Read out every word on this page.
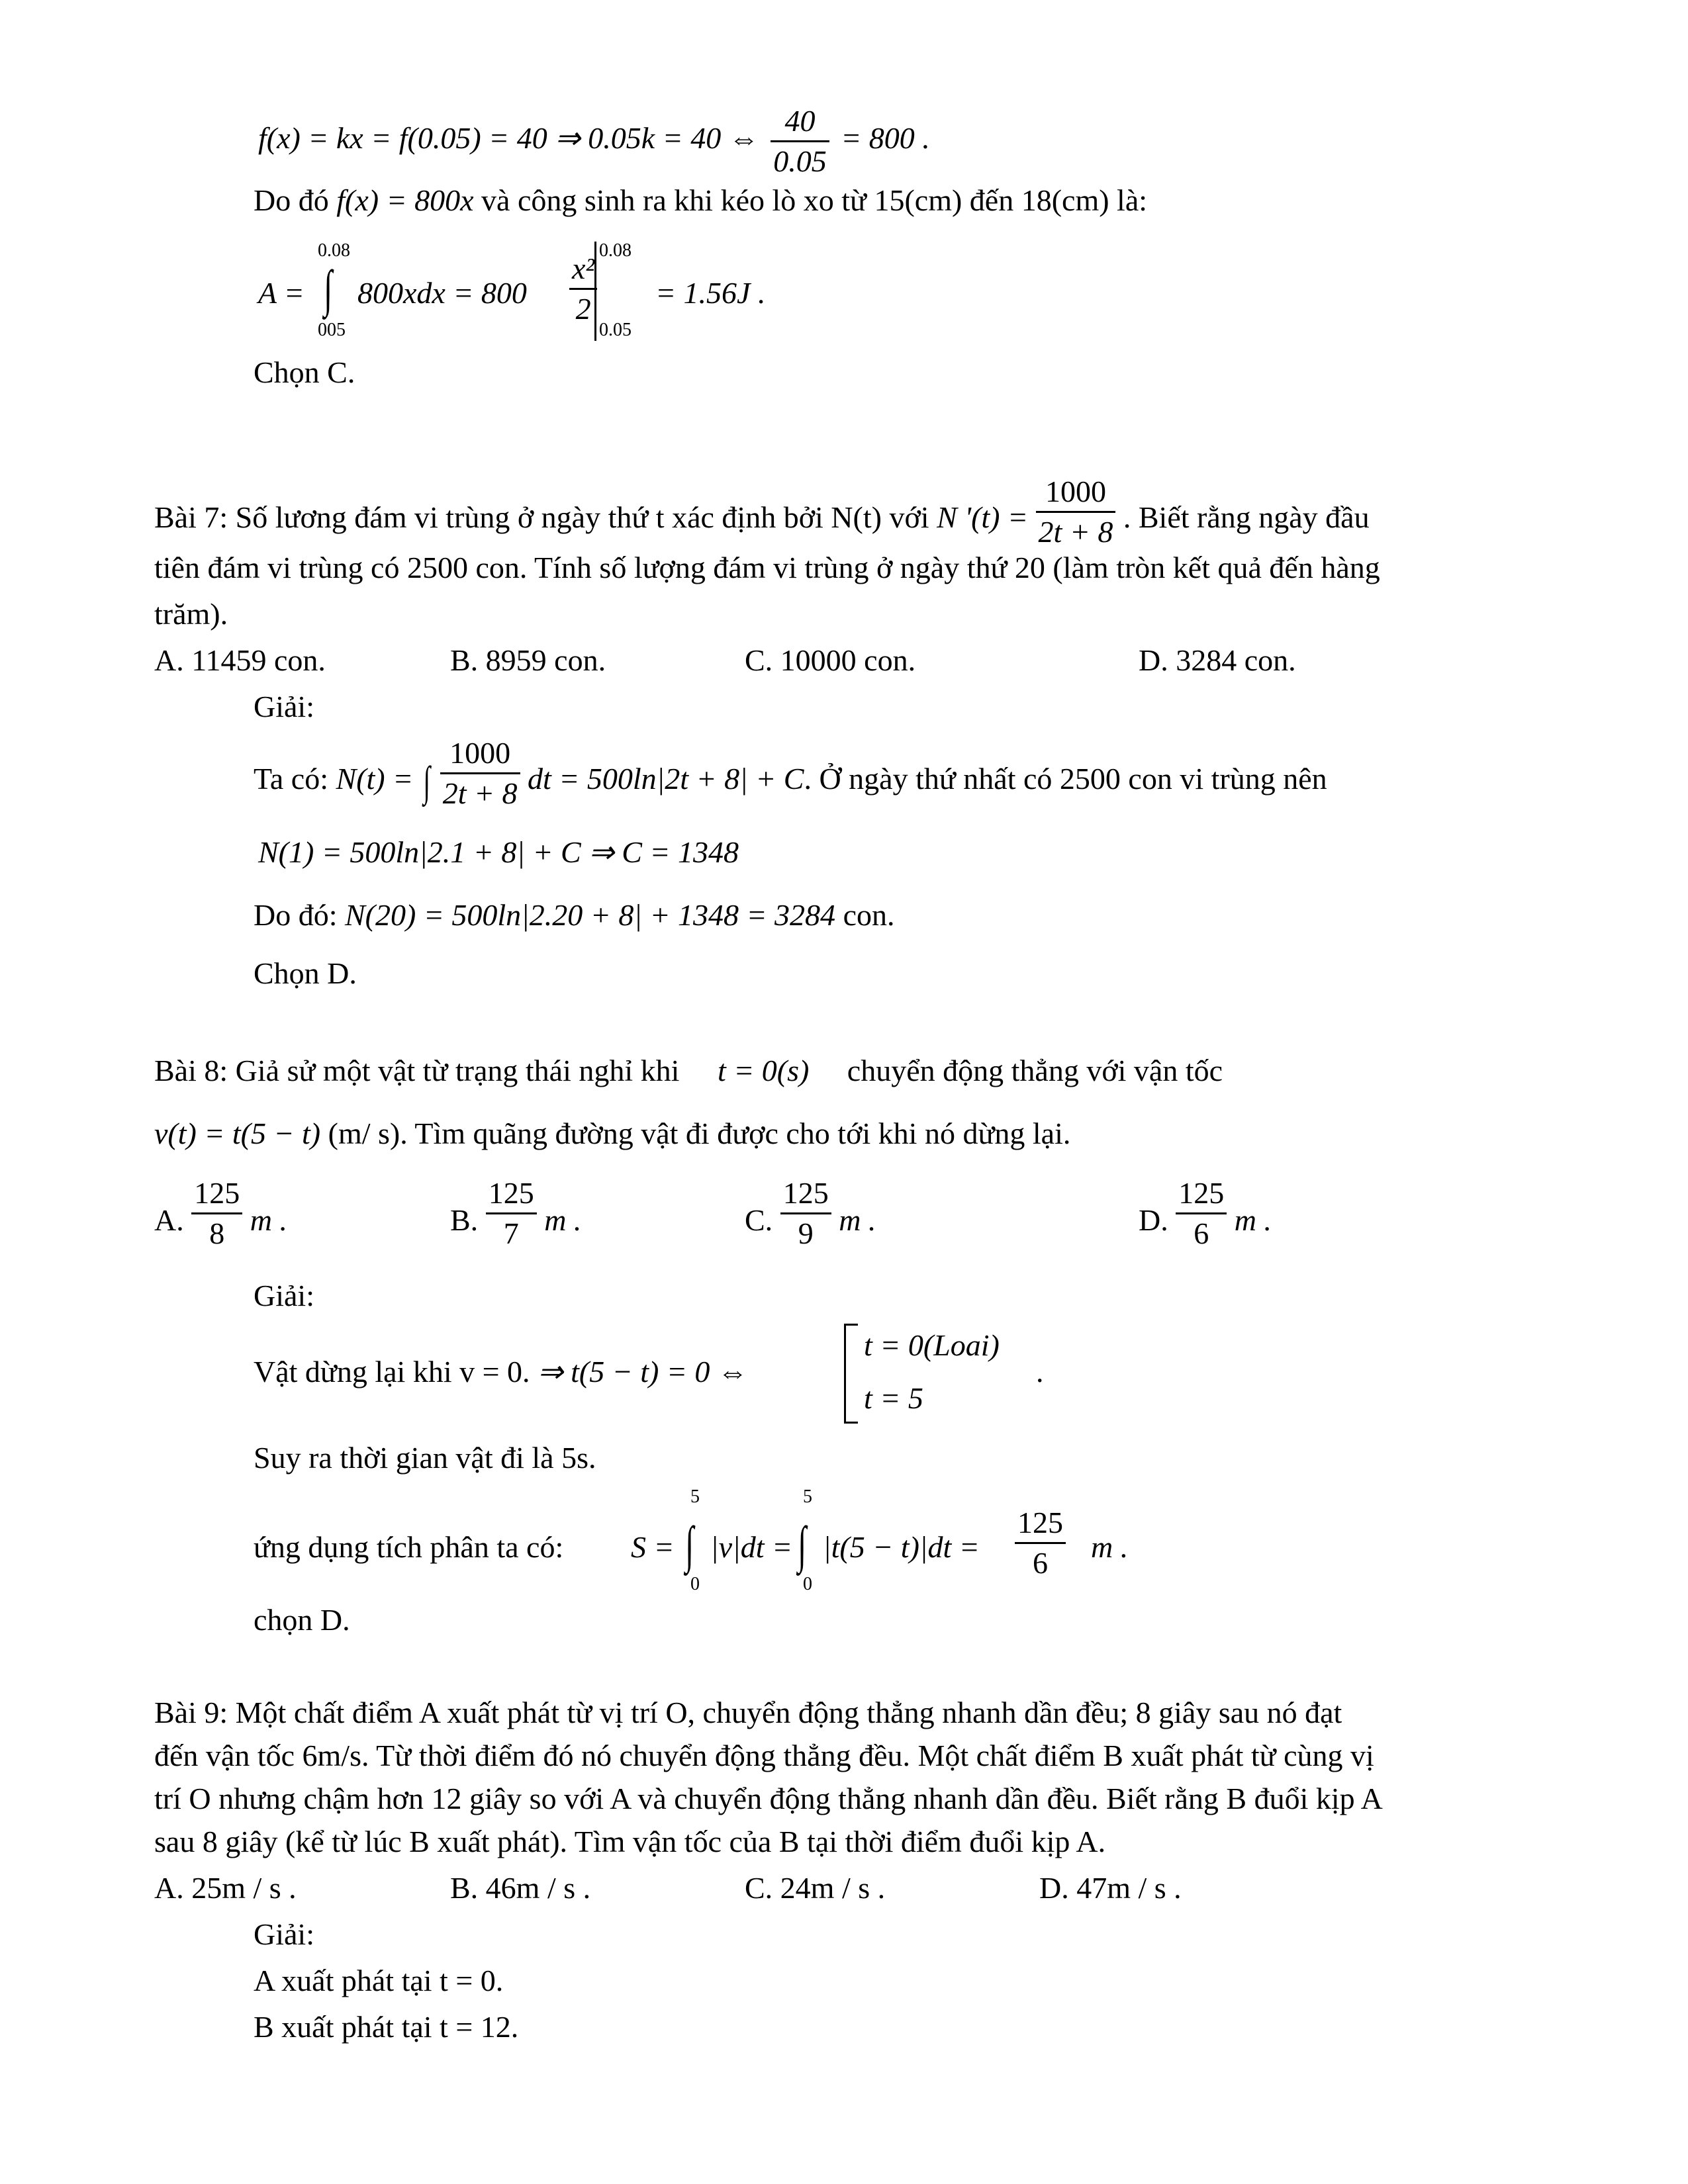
f(x) = kx = f(0.05) = 40 ⇒ 0.05k = 40 ⇔ $\frac{40}{0.05} = 800$ .
Do đó f(x) = 800x và công sinh ra khi kéo lò xo từ 15(cm) đến 18(cm) là:
0.08
A = ∫ 800xdx = 800
005
$\frac{\text{x²}}{2}$
0.08
0.05
= 1.56J .
Chọn C.
Bài 7: Số lương đám vi trùng ở ngày thứ t xác định bởi N(t) với N '$(t) = \frac{1000}{2t + 8}$ . Biết rằng ngày đầu
tiên đám vi trùng có 2500 con. Tính số lượng đám vi trùng ở ngày thứ 20 (làm tròn kết quả đến hàng
trăm).
A. 11459 con.	B. 8959 con.	C. 10000 con.	D. 3284 con.
Giải:
Ta có: N(t) = ∫ $\frac{1000}{2t + 8}$ dt = 500ln|2t + 8| + C. Ở ngày thứ nhất có 2500 con vi trùng nên
N(1) = 500ln|2.1 + 8| + C ⇒ C = 1348
Do đó: N(20) = 500ln|2.20 + 8| + 1348 = 3284 con.
Chọn D.
Bài 8: Giả sử một vật từ trạng thái nghỉ khi t = 0(s) chuyển động thẳng với vận tốc
v(t) = t(5 − t) (m/ s). Tìm quãng đường vật đi được cho tới khi nó dừng lại.
A. $\frac{125}{8}$ m .	B. $\frac{125}{7}$ m .	C. $\frac{125}{9}$ m .	D. $\frac{125}{6}$ m .
Giải:
Vật dừng lại khi v = 0. ⇒ t(5 − t) = 0 ⇔
t = 0(Loai)
t = 5
.
Suy ra thời gian vật đi là 5s.
ứng dụng tích phân ta có: S =
5
∫
0
|v|dt =
5
∫
0
$|t(5 - t)|dt = \frac{125}{6}$ m .
chọn D.
Bài 9: Một chất điểm A xuất phát từ vị trí O, chuyển động thẳng nhanh dần đều; 8 giây sau nó đạt
đến vận tốc 6m/s. Từ thời điểm đó nó chuyển động thẳng đều. Một chất điểm B xuất phát từ cùng vị
trí O nhưng chậm hơn 12 giây so với A và chuyển động thẳng nhanh dần đều. Biết rằng B đuổi kịp A
sau 8 giây (kể từ lúc B xuất phát). Tìm vận tốc của B tại thời điểm đuổi kịp A.
A. 25m / s .	B. 46m / s .	C. 24m / s .	D. 47m / s .
Giải:
A xuất phát tại t = 0.
B xuất phát tại t = 12.
